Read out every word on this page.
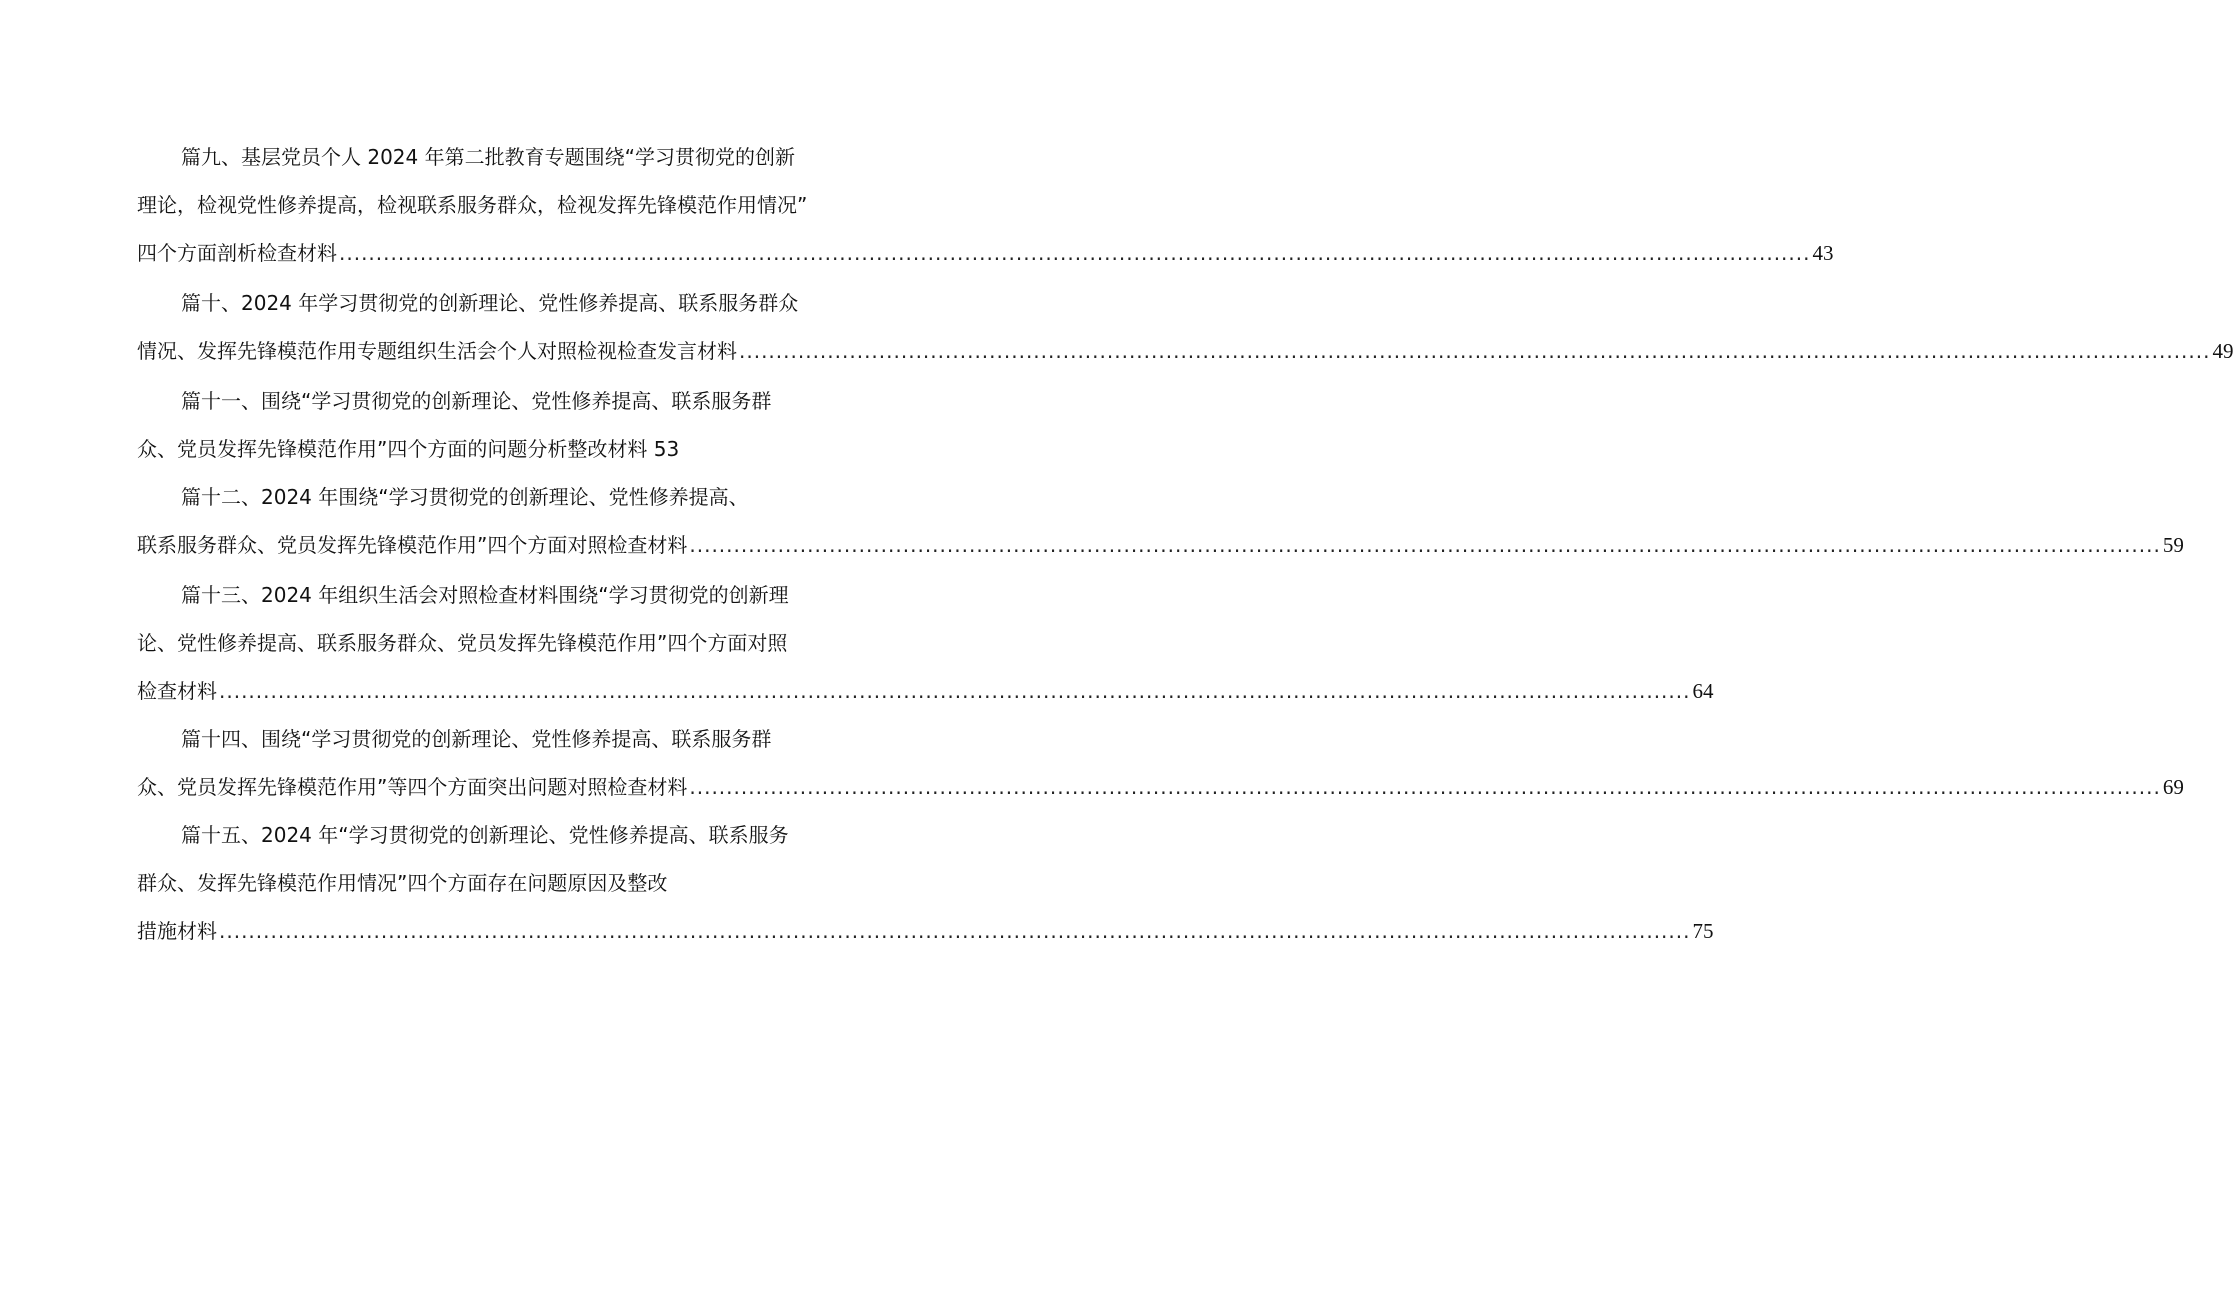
篇九、基层党员个人 2024 年第二批教育专题围绕“学习贯彻党的创新
理论，检视党性修养提高，检视联系服务群众，检视发挥先锋模范作用情况”
四个方面剖析检查材料 ........................................................................................................................................................................................................ 43
篇十、2024 年学习贯彻党的创新理论、党性修养提高、联系服务群众
情况、发挥先锋模范作用专题组织生活会个人对照检视检查发言材料 ........................................................................................................................................................................................................ 49
篇十一、围绕“学习贯彻党的创新理论、党性修养提高、联系服务群
众、党员发挥先锋模范作用”四个方面的问题分析整改材料 53
篇十二、2024 年围绕“学习贯彻党的创新理论、党性修养提高、
联系服务群众、党员发挥先锋模范作用”四个方面对照检查材料 ........................................................................................................................................................................................................ 59
篇十三、2024 年组织生活会对照检查材料围绕“学习贯彻党的创新理
论、党性修养提高、联系服务群众、党员发挥先锋模范作用”四个方面对照
检查材料 ........................................................................................................................................................................................................ 64
篇十四、围绕“学习贯彻党的创新理论、党性修养提高、联系服务群
众、党员发挥先锋模范作用”等四个方面突出问题对照检查材料 ........................................................................................................................................................................................................ 69
篇十五、2024 年“学习贯彻党的创新理论、党性修养提高、联系服务
群众、发挥先锋模范作用情况”四个方面存在问题原因及整改
措施材料 ........................................................................................................................................................................................................ 75
